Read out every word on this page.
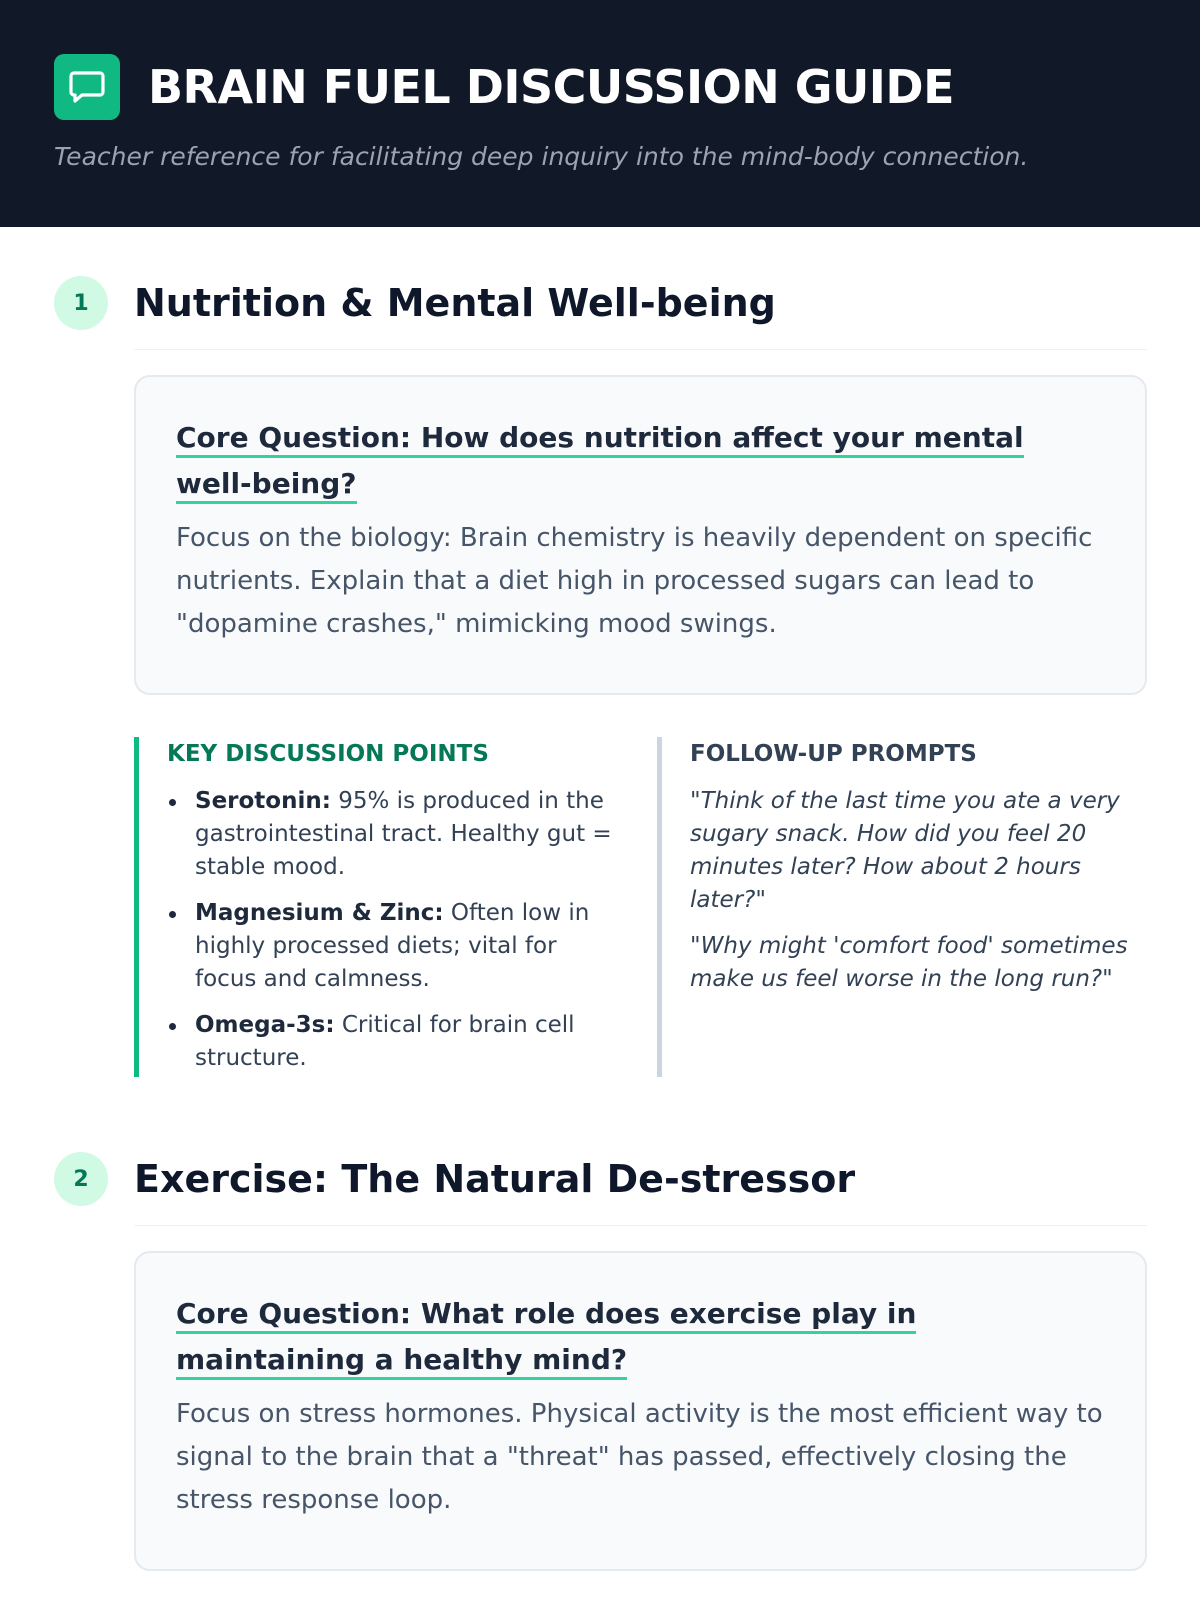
BRAIN FUEL DISCUSSION GUIDE

Teacher reference for facilitating deep inquiry into the mind-body connection.

1	Nutrition & Mental Well-being
Core Question: How does nutrition affect your mental well-being?

Focus on the biology: Brain chemistry is heavily dependent on specific nutrients. Explain that a diet high in processed sugars can lead to "dopamine crashes," mimicking mood swings.

KEY DISCUSSION POINTS
Serotonin: 95% is produced in the gastrointestinal tract. Healthy gut = stable mood.
Magnesium & Zinc: Often low in highly processed diets; vital for focus and calmness.
Omega-3s: Critical for brain cell structure.
FOLLOW-UP PROMPTS

"Think of the last time you ate a very sugary snack. How did you feel 20 minutes later? How about 2 hours later?"

"Why might 'comfort food' sometimes make us feel worse in the long run?"

2	Exercise: The Natural De-stressor
Core Question: What role does exercise play in maintaining a healthy mind?

Focus on stress hormones. Physical activity is the most efficient way to signal to the brain that a "threat" has passed, effectively closing the stress response loop.
